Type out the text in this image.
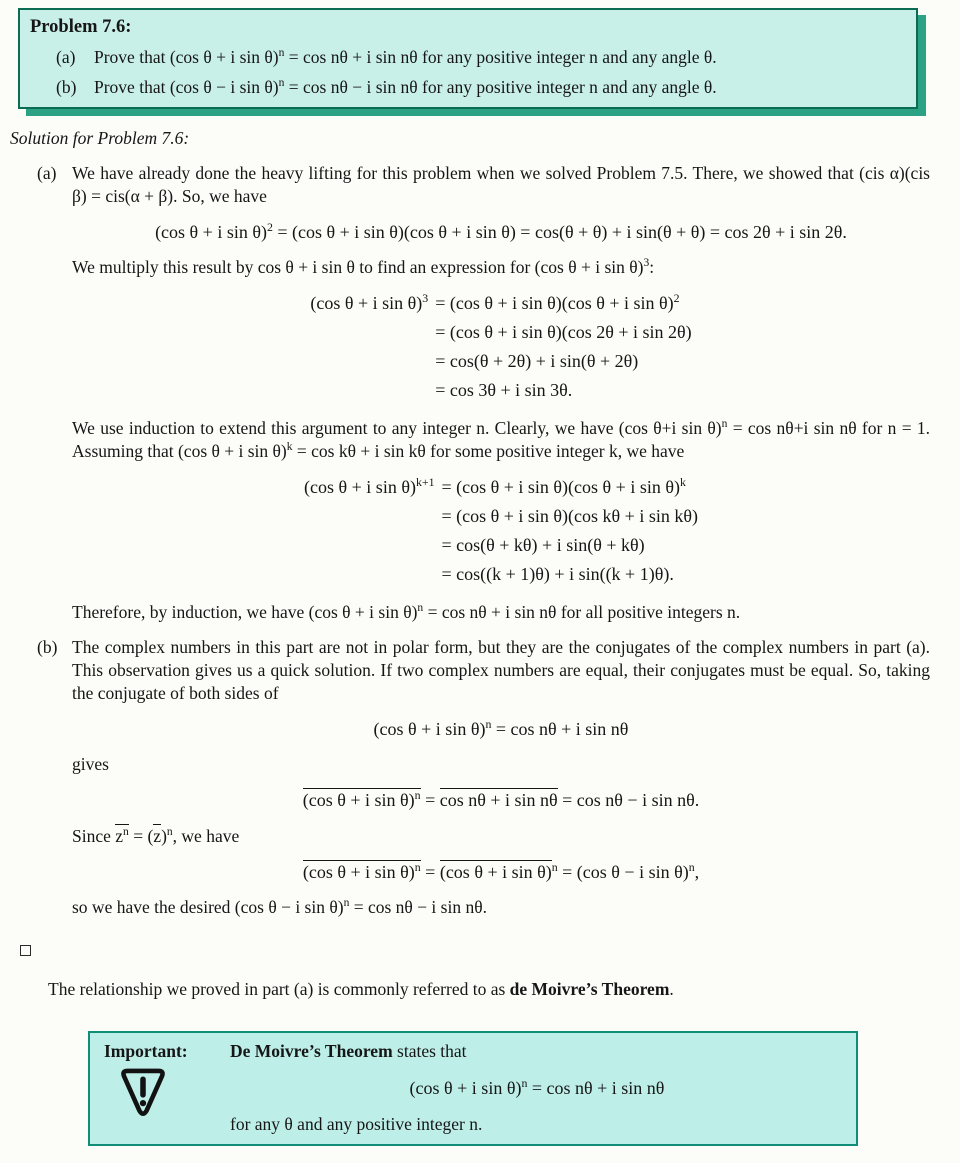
Problem 7.6:
(a)	Prove that (cos θ + i sin θ)$^n$ = cos nθ + i sin nθ for any positive integer n and any angle θ.
(b)	Prove that (cos θ − i sin θ)$^n$ = cos nθ − i sin nθ for any positive integer n and any angle θ.
Solution for Problem 7.6:
(a) We have already done the heavy lifting for this problem when we solved Problem 7.5. There, we showed that (cis α)(cis β) = cis(α + β). So, we have

(cos θ + i sin θ)$^2$ = (cos θ + i sin θ)(cos θ + i sin θ) = cos(θ + θ) + i sin(θ + θ) = cos 2θ + i sin 2θ.

We multiply this result by cos θ + i sin θ to find an expression for (cos θ + i sin θ)$^3$:

(cos θ + i sin θ)$^3$ = (cos θ + i sin θ)(cos θ + i sin θ)$^2$
= (cos θ + i sin θ)(cos 2θ + i sin 2θ)
= cos(θ + 2θ) + i sin(θ + 2θ)
= cos 3θ + i sin 3θ.

We use induction to extend this argument to any integer n. Clearly, we have (cos θ+i sin θ)$^n$ = cos nθ+i sin nθ for n = 1. Assuming that (cos θ + i sin θ)$^k$ = cos kθ + i sin kθ for some positive integer k, we have

(cos θ + i sin θ)$^{k+1}$ = (cos θ + i sin θ)(cos θ + i sin θ)$^k$
= (cos θ + i sin θ)(cos kθ + i sin kθ)
= cos(θ + kθ) + i sin(θ + kθ)
= cos((k + 1)θ) + i sin((k + 1)θ).

Therefore, by induction, we have (cos θ + i sin θ)$^n$ = cos nθ + i sin nθ for all positive integers n.

(b) The complex numbers in this part are not in polar form, but they are the conjugates of the complex numbers in part (a). This observation gives us a quick solution. If two complex numbers are equal, their conjugates must be equal. So, taking the conjugate of both sides of

(cos θ + i sin θ)$^n$ = cos nθ + i sin nθ

gives

(cos θ + i sin θ)$^n$ = cos nθ + i sin nθ = cos nθ − i sin nθ.

Since $z^n = (z)^n$, we have

(cos θ + i sin θ)$^n$ = (cos θ + i sin θ)$^n$ = (cos θ − i sin θ)$^n$,

so we have the desired (cos θ − i sin θ)$^n$ = cos nθ − i sin nθ.

The relationship we proved in part (a) is commonly referred to as de Moivre’s Theorem.

Important:	De Moivre’s Theorem states that

(cos θ + i sin θ)$^n$ = cos nθ + i sin nθ

for any θ and any positive integer n.
